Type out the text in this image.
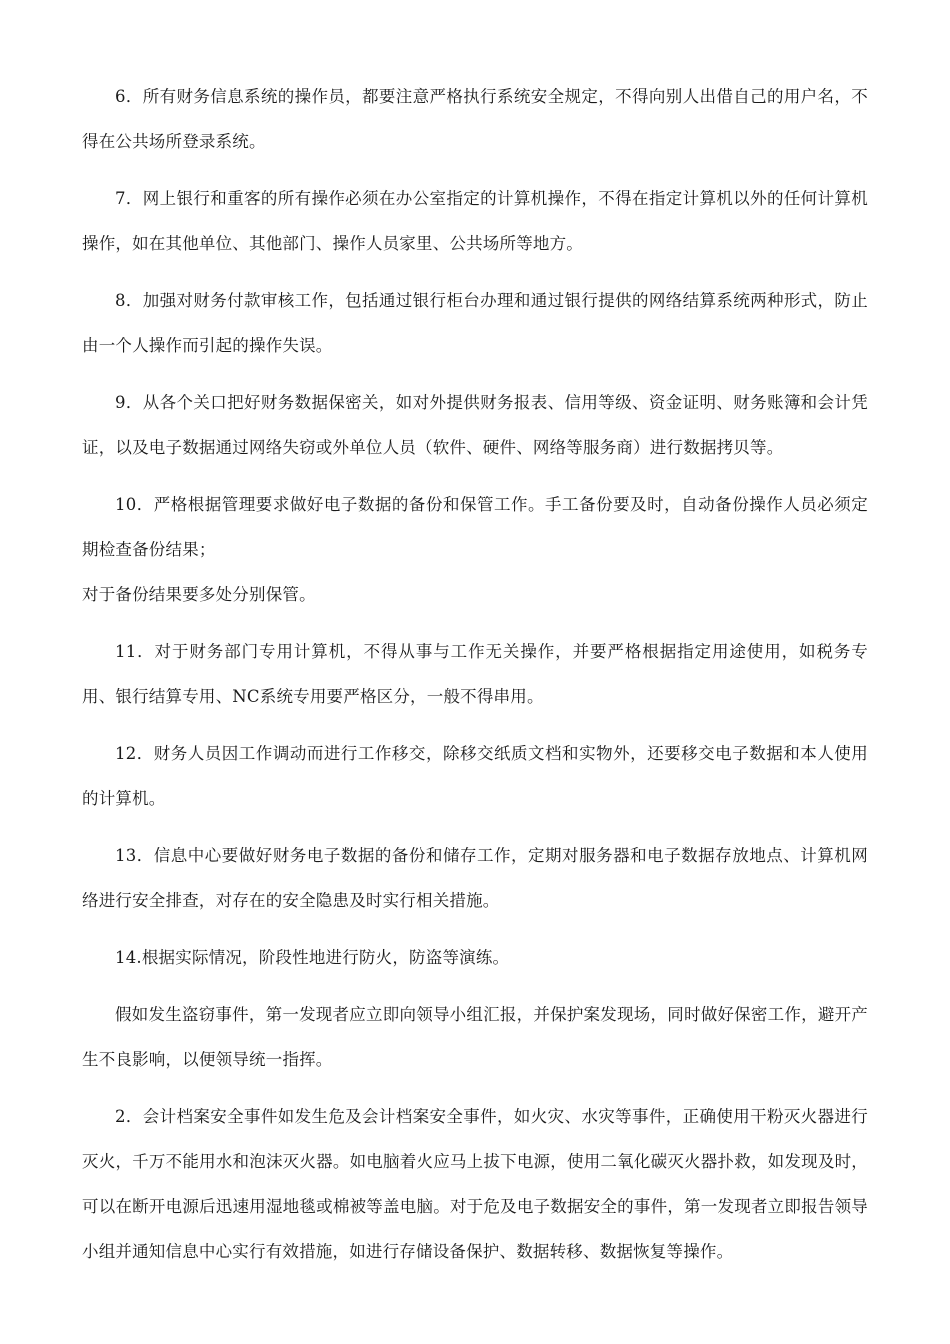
6．所有财务信息系统的操作员，都要注意严格执行系统安全规定，不得向别人出借自己的用户名，不得在公共场所登录系统。

7．网上银行和重客的所有操作必须在办公室指定的计算机操作，不得在指定计算机以外的任何计算机操作，如在其他单位、其他部门、操作人员家里、公共场所等地方。

8．加强对财务付款审核工作，包括通过银行柜台办理和通过银行提供的网络结算系统两种形式，防止由一个人操作而引起的操作失误。

9．从各个关口把好财务数据保密关，如对外提供财务报表、信用等级、资金证明、财务账簿和会计凭证，以及电子数据通过网络失窃或外单位人员（软件、硬件、网络等服务商）进行数据拷贝等。

10．严格根据管理要求做好电子数据的备份和保管工作。手工备份要及时，自动备份操作人员必须定期检查备份结果；

对于备份结果要多处分别保管。

11．对于财务部门专用计算机，不得从事与工作无关操作，并要严格根据指定用途使用，如税务专用、银行结算专用、NC系统专用要严格区分，一般不得串用。

12．财务人员因工作调动而进行工作移交，除移交纸质文档和实物外，还要移交电子数据和本人使用的计算机。

13．信息中心要做好财务电子数据的备份和储存工作，定期对服务器和电子数据存放地点、计算机网络进行安全排查，对存在的安全隐患及时实行相关措施。

14.根据实际情况，阶段性地进行防火，防盗等演练。

假如发生盗窃事件，第一发现者应立即向领导小组汇报，并保护案发现场，同时做好保密工作，避开产生不良影响，以便领导统一指挥。

2．会计档案安全事件如发生危及会计档案安全事件，如火灾、水灾等事件，正确使用干粉灭火器进行灭火，千万不能用水和泡沫灭火器。如电脑着火应马上拔下电源，使用二氧化碳灭火器扑救，如发现及时，可以在断开电源后迅速用湿地毯或棉被等盖电脑。对于危及电子数据安全的事件，第一发现者立即报告领导小组并通知信息中心实行有效措施，如进行存储设备保护、数据转移、数据恢复等操作。
